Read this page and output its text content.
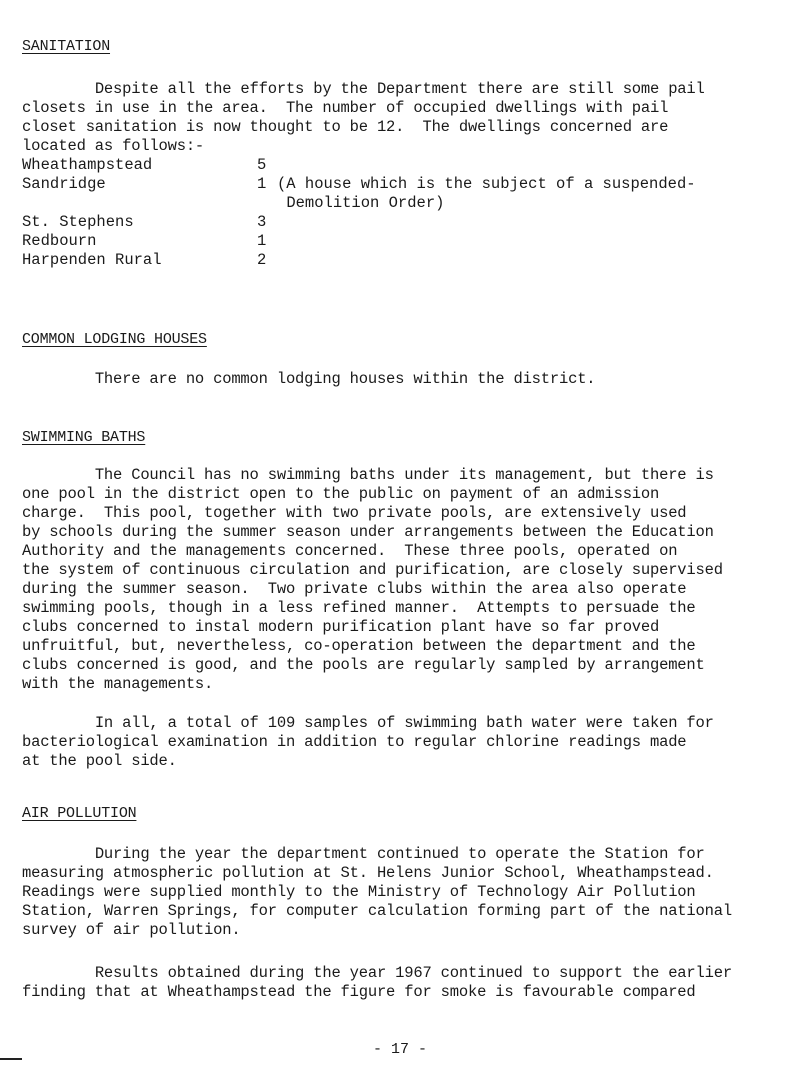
SANITATION

Despite all the efforts by the Department there are still some pail
closets in use in the area.  The number of occupied dwellings with pail
closet sanitation is now thought to be 12.  The dwellings concerned are
located as follows:-

Wheathampstead	5
Sandridge	1 (A house which is the subject of a suspended-
Demolition Order)
St. Stephens	3
Redbourn	1
Harpenden Rural	2
COMMON LODGING HOUSES

There are no common lodging houses within the district.

SWIMMING BATHS

The Council has no swimming baths under its management, but there is
one pool in the district open to the public on payment of an admission
charge.  This pool, together with two private pools, are extensively used
by schools during the summer season under arrangements between the Education
Authority and the managements concerned.  These three pools, operated on
the system of continuous circulation and purification, are closely supervised
during the summer season.  Two private clubs within the area also operate
swimming pools, though in a less refined manner.  Attempts to persuade the
clubs concerned to instal modern purification plant have so far proved
unfruitful, but, nevertheless, co-operation between the department and the
clubs concerned is good, and the pools are regularly sampled by arrangement
with the managements.

In all, a total of 109 samples of swimming bath water were taken for
bacteriological examination in addition to regular chlorine readings made
at the pool side.

AIR POLLUTION

During the year the department continued to operate the Station for
measuring atmospheric pollution at St. Helens Junior School, Wheathampstead.
Readings were supplied monthly to the Ministry of Technology Air Pollution
Station, Warren Springs, for computer calculation forming part of the national
survey of air pollution.

Results obtained during the year 1967 continued to support the earlier
finding that at Wheathampstead the figure for smoke is favourable compared

- 17 -
